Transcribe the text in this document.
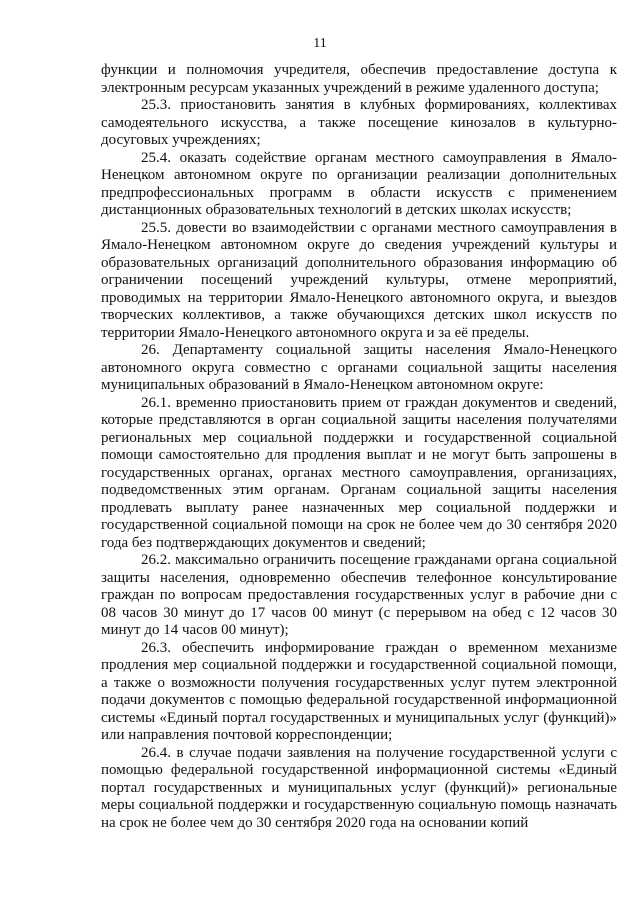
11

функции и полномочия учредителя, обеспечив предоставление доступа к электронным ресурсам указанных учреждений в режиме удаленного доступа;

25.3. приостановить занятия в клубных формированиях, коллективах самодеятельного искусства, а также посещение кинозалов в культурно-досуговых учреждениях;

25.4. оказать содействие органам местного самоуправления в Ямало-Ненецком автономном округе по организации реализации дополнительных предпрофессиональных программ в области искусств с применением дистанционных образовательных технологий в детских школах искусств;

25.5. довести во взаимодействии с органами местного самоуправления в Ямало-Ненецком автономном округе до сведения учреждений культуры и образовательных организаций дополнительного образования информацию об ограничении посещений учреждений культуры, отмене мероприятий, проводимых на территории Ямало-Ненецкого автономного округа, и выездов творческих коллективов, а также обучающихся детских школ искусств по территории Ямало-Ненецкого автономного округа и за её пределы.

26. Департаменту социальной защиты населения Ямало-Ненецкого автономного округа совместно с органами социальной защиты населения муниципальных образований в Ямало-Ненецком автономном округе:

26.1. временно приостановить прием от граждан документов и сведений, которые представляются в орган социальной защиты населения получателями региональных мер социальной поддержки и государственной социальной помощи самостоятельно для продления выплат и не могут быть запрошены в государственных органах, органах местного самоуправления, организациях, подведомственных этим органам. Органам социальной защиты населения продлевать выплату ранее назначенных мер социальной поддержки и государственной социальной помощи на срок не более чем до 30 сентября 2020 года без подтверждающих документов и сведений;

26.2. максимально ограничить посещение гражданами органа социальной защиты населения, одновременно обеспечив телефонное консультирование граждан по вопросам предоставления государственных услуг в рабочие дни с 08 часов 30 минут до 17 часов 00 минут (с перерывом на обед с 12 часов 30 минут до 14 часов 00 минут);

26.3. обеспечить информирование граждан о временном механизме продления мер социальной поддержки и государственной социальной помощи, а также о возможности получения государственных услуг путем электронной подачи документов с помощью федеральной государственной информационной системы «Единый портал государственных и муниципальных услуг (функций)» или направления почтовой корреспонденции;

26.4. в случае подачи заявления на получение государственной услуги с помощью федеральной государственной информационной системы «Единый портал государственных и муниципальных услуг (функций)» региональные меры социальной поддержки и государственную социальную помощь назначать на срок не более чем до 30 сентября 2020 года на основании копий
